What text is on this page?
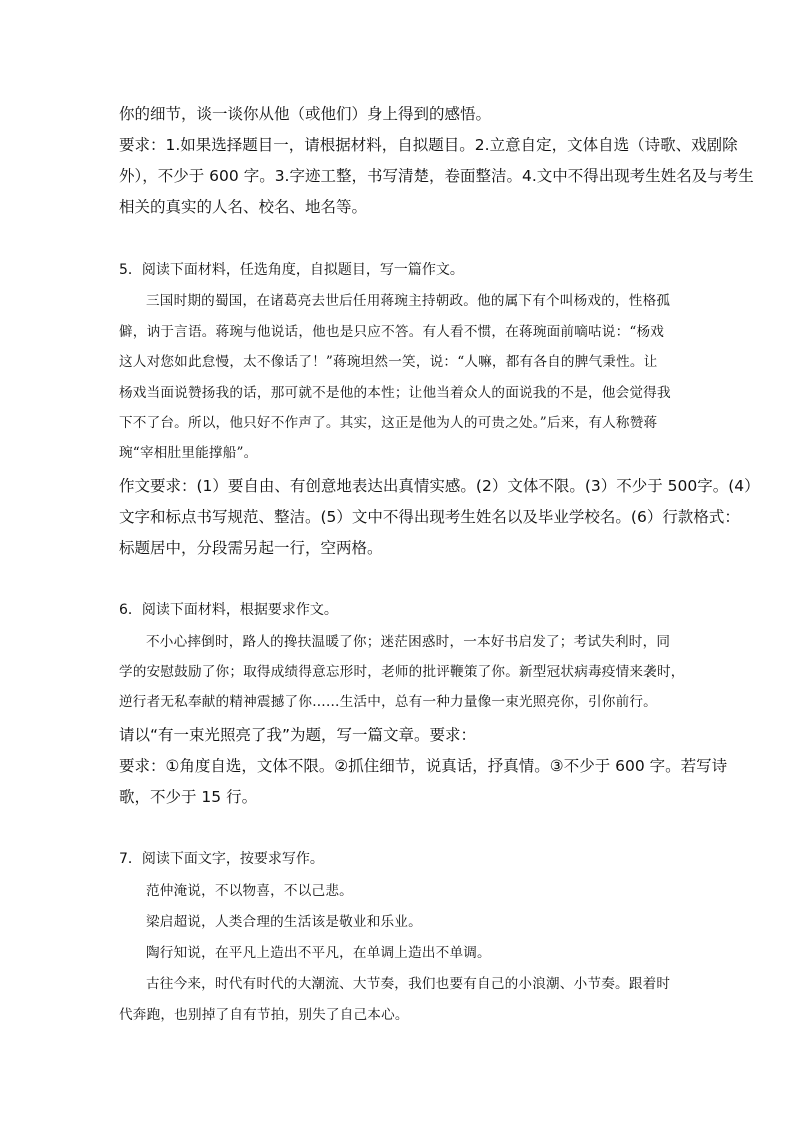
你的细节，谈一谈你从他（或他们）身上得到的感悟。
要求：1.如果选择题目一，请根据材料，自拟题目。2.立意自定，文体自选（诗歌、戏剧除
外），不少于 600 字。3.字迹工整，书写清楚，卷面整洁。4.文中不得出现考生姓名及与考生
相关的真实的人名、校名、地名等。
5．阅读下面材料，任选角度，自拟题目，写一篇作文。
三国时期的蜀国，在诸葛亮去世后任用蒋琬主持朝政。他的属下有个叫杨戏的，性格孤
僻，讷于言语。蒋琬与他说话，他也是只应不答。有人看不惯，在蒋琬面前嘀咕说：“杨戏
这人对您如此怠慢，太不像话了！”蒋琬坦然一笑，说：“人嘛，都有各自的脾气秉性。让
杨戏当面说赞扬我的话，那可就不是他的本性；让他当着众人的面说我的不是，他会觉得我
下不了台。所以，他只好不作声了。其实，这正是他为人的可贵之处。”后来，有人称赞蒋
琬“宰相肚里能撑船”。
作文要求：(1）要自由、有创意地表达出真情实感。(2）文体不限。(3）不少于 500字。(4）
文字和标点书写规范、整洁。(5）文中不得出现考生姓名以及毕业学校名。(6）行款格式：
标题居中，分段需另起一行，空两格。
6．阅读下面材料，根据要求作文。
不小心摔倒时，路人的搀扶温暖了你；迷茫困惑时，一本好书启发了；考试失利时，同
学的安慰鼓励了你；取得成绩得意忘形时，老师的批评鞭策了你。新型冠状病毒疫情来袭时，
逆行者无私奉献的精神震撼了你……生活中，总有一种力量像一束光照亮你，引你前行。
请以“有一束光照亮了我”为题，写一篇文章。要求：
要求：①角度自选，文体不限。②抓住细节，说真话，抒真情。③不少于 600 字。若写诗
歌，不少于 15 行。
7．阅读下面文字，按要求写作。
范仲淹说，不以物喜，不以己悲。
梁启超说，人类合理的生活该是敬业和乐业。
陶行知说，在平凡上造出不平凡，在单调上造出不单调。
古往今来，时代有时代的大潮流、大节奏，我们也要有自己的小浪潮、小节奏。跟着时
代奔跑，也别掉了自有节拍，别失了自己本心。
